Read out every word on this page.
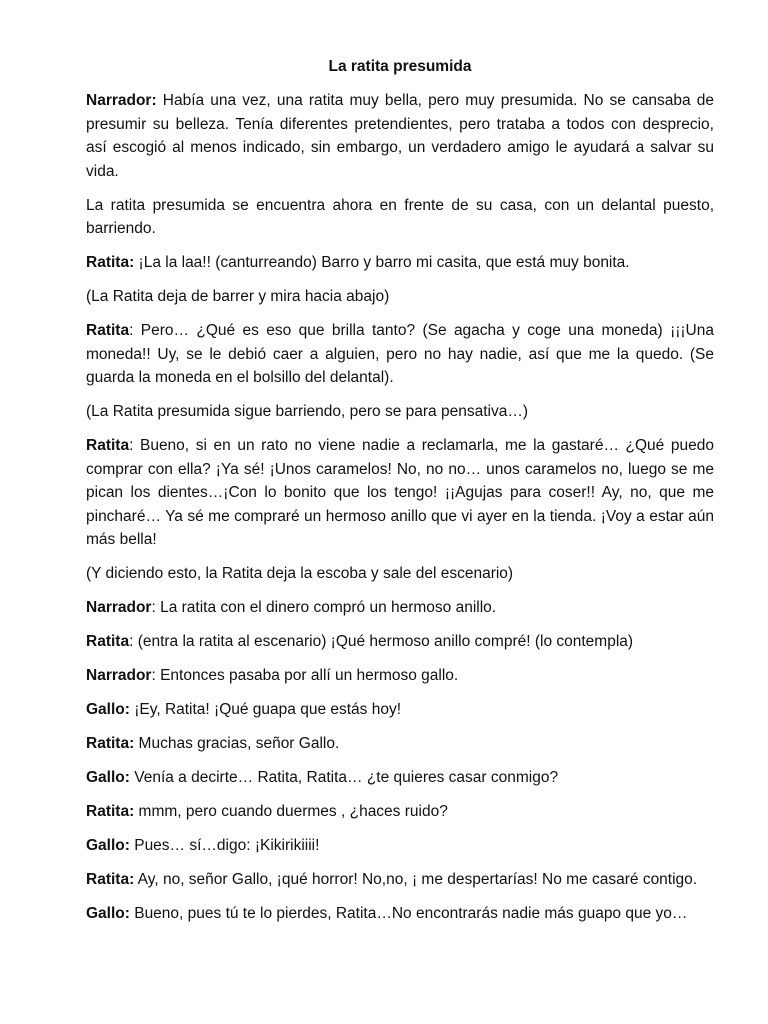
La ratita presumida
Narrador: Había una vez, una ratita muy bella, pero muy presumida. No se cansaba de presumir su belleza. Tenía diferentes pretendientes, pero trataba a todos con desprecio, así escogió al menos indicado, sin embargo, un verdadero amigo le ayudará a salvar su vida.
La ratita presumida se encuentra ahora en frente de su casa, con un delantal puesto, barriendo.
Ratita: ¡La la laa!! (canturreando) Barro y barro mi casita, que está muy bonita.
(La Ratita deja de barrer y mira hacia abajo)
Ratita: Pero… ¿Qué es eso que brilla tanto? (Se agacha y coge una moneda) ¡¡¡Una moneda!! Uy, se le debió caer a alguien, pero no hay nadie, así que me la quedo. (Se guarda la moneda en el bolsillo del delantal).
(La Ratita presumida sigue barriendo, pero se para pensativa…)
Ratita: Bueno, si en un rato no viene nadie a reclamarla, me la gastaré… ¿Qué puedo comprar con ella? ¡Ya sé! ¡Unos caramelos! No, no no… unos caramelos no, luego se me pican los dientes…¡Con lo bonito que los tengo! ¡¡Agujas para coser!! Ay, no, que me pincharé… Ya sé me compraré un hermoso anillo que vi ayer en la tienda. ¡Voy a estar aún más bella!
(Y diciendo esto, la Ratita deja la escoba y sale del escenario)
Narrador: La ratita con el dinero compró un hermoso anillo.
Ratita: (entra la ratita al escenario) ¡Qué hermoso anillo compré! (lo contempla)
Narrador: Entonces pasaba por allí un hermoso gallo.
Gallo: ¡Ey, Ratita! ¡Qué guapa que estás hoy!
Ratita: Muchas gracias, señor Gallo.
Gallo: Venía a decirte… Ratita, Ratita… ¿te quieres casar conmigo?
Ratita: mmm, pero cuando duermes , ¿haces ruido?
Gallo: Pues… sí…digo: ¡Kikirikiiii!
Ratita: Ay, no, señor Gallo, ¡qué horror! No,no, ¡ me despertarías! No me casaré contigo.
Gallo: Bueno, pues tú te lo pierdes, Ratita…No encontrarás nadie más guapo que yo…
